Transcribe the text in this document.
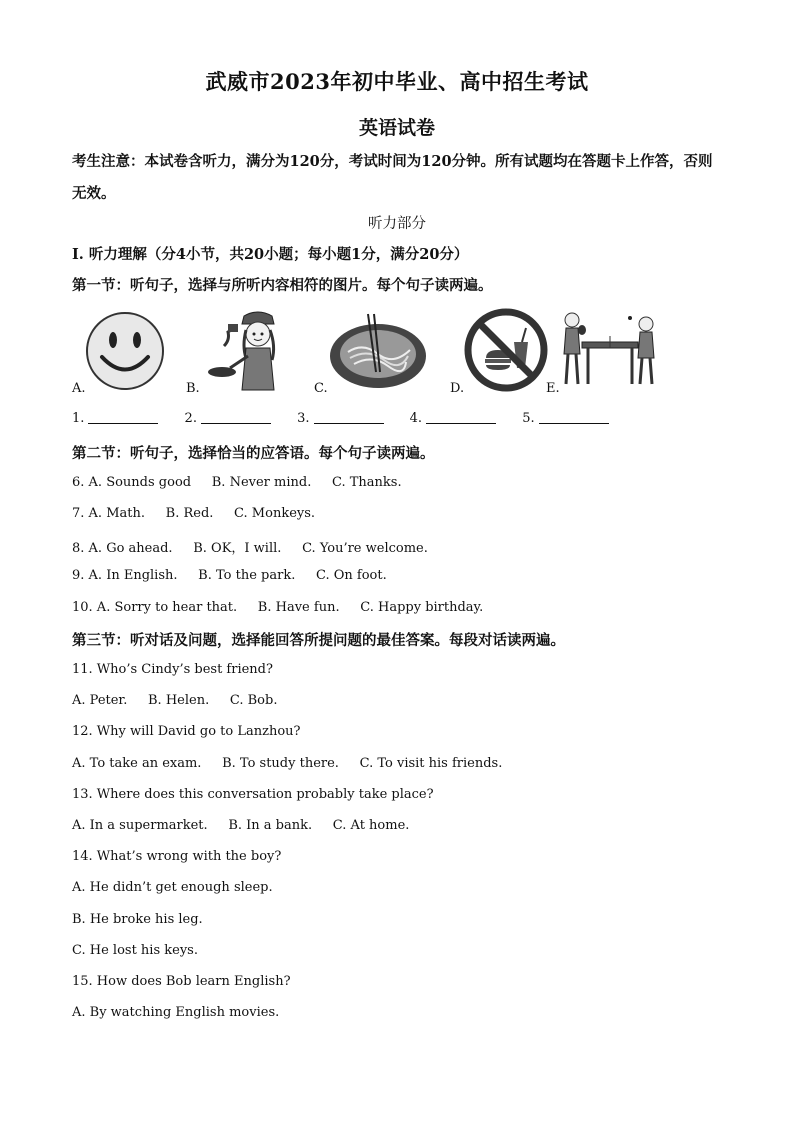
武威市2023年初中毕业、高中招生考试
英语试卷
考生注意：本试卷含听力，满分为120分，考试时间为120分钟。所有试题均在答题卡上作答，否则无效。
听力部分
Ⅰ. 听力理解（分4小节，共20小题；每小题1分，满分20分）
第一节：听句子，选择与所听内容相符的图片。每个句子读两遍。
A.	B.	C.	D.	E.
1.	2.	3.	4.	5.
第二节：听句子，选择恰当的应答语。每个句子读两遍。
6. A. Sounds good     B. Never mind.     C. Thanks.
7. A. Math.     B. Red.     C. Monkeys.
8. A. Go ahead.     B. OK，I will.     C. You’re welcome.
9. A. In English.     B. To the park.     C. On foot.
10. A. Sorry to hear that.     B. Have fun.     C. Happy birthday.
第三节：听对话及问题，选择能回答所提问题的最佳答案。每段对话读两遍。
11. Who’s Cindy’s best friend?
A. Peter.     B. Helen.     C. Bob.
12. Why will David go to Lanzhou?
A. To take an exam.     B. To study there.     C. To visit his friends.
13. Where does this conversation probably take place?
A. In a supermarket.     B. In a bank.     C. At home.
14. What’s wrong with the boy?
A. He didn’t get enough sleep.
B. He broke his leg.
C. He lost his keys.
15. How does Bob learn English?
A. By watching English movies.
